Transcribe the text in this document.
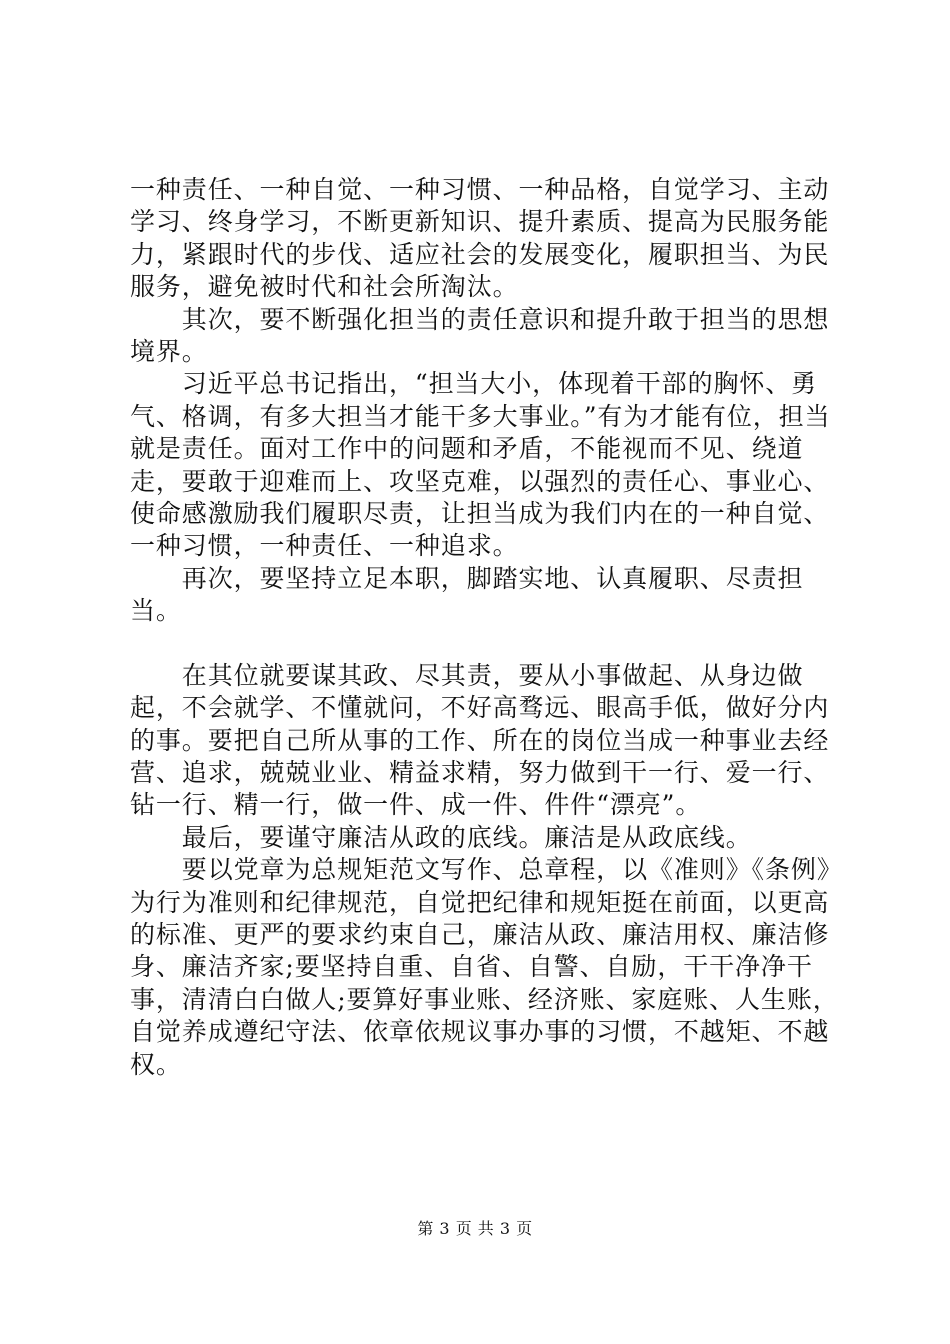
一种责任、一种自觉、一种习惯、一种品格，自觉学习、主动学习、终身学习，不断更新知识、提升素质、提高为民服务能力，紧跟时代的步伐、适应社会的发展变化，履职担当、为民服务，避免被时代和社会所淘汰。

　　其次，要不断强化担当的责任意识和提升敢于担当的思想境界。

　　习近平总书记指出，“担当大小，体现着干部的胸怀、勇气、格调，有多大担当才能干多大事业。”有为才能有位，担当就是责任。面对工作中的问题和矛盾，不能视而不见、绕道走，要敢于迎难而上、攻坚克难，以强烈的责任心、事业心、使命感激励我们履职尽责，让担当成为我们内在的一种自觉、一种习惯，一种责任、一种追求。

　　再次，要坚持立足本职，脚踏实地、认真履职、尽责担当。

　　在其位就要谋其政、尽其责，要从小事做起、从身边做起，不会就学、不懂就问，不好高骛远、眼高手低，做好分内的事。要把自己所从事的工作、所在的岗位当成一种事业去经营、追求，兢兢业业、精益求精，努力做到干一行、爱一行、钻一行、精一行，做一件、成一件、件件“漂亮”。

　　最后，要谨守廉洁从政的底线。廉洁是从政底线。

　　要以党章为总规矩范文写作、总章程，以《准则》《条例》为行为准则和纪律规范，自觉把纪律和规矩挺在前面，以更高的标准、更严的要求约束自己，廉洁从政、廉洁用权、廉洁修身、廉洁齐家;要坚持自重、自省、自警、自励，干干净净干事，清清白白做人;要算好事业账、经济账、家庭账、人生账，自觉养成遵纪守法、依章依规议事办事的习惯，不越矩、不越权。

第 3 页 共 3 页
